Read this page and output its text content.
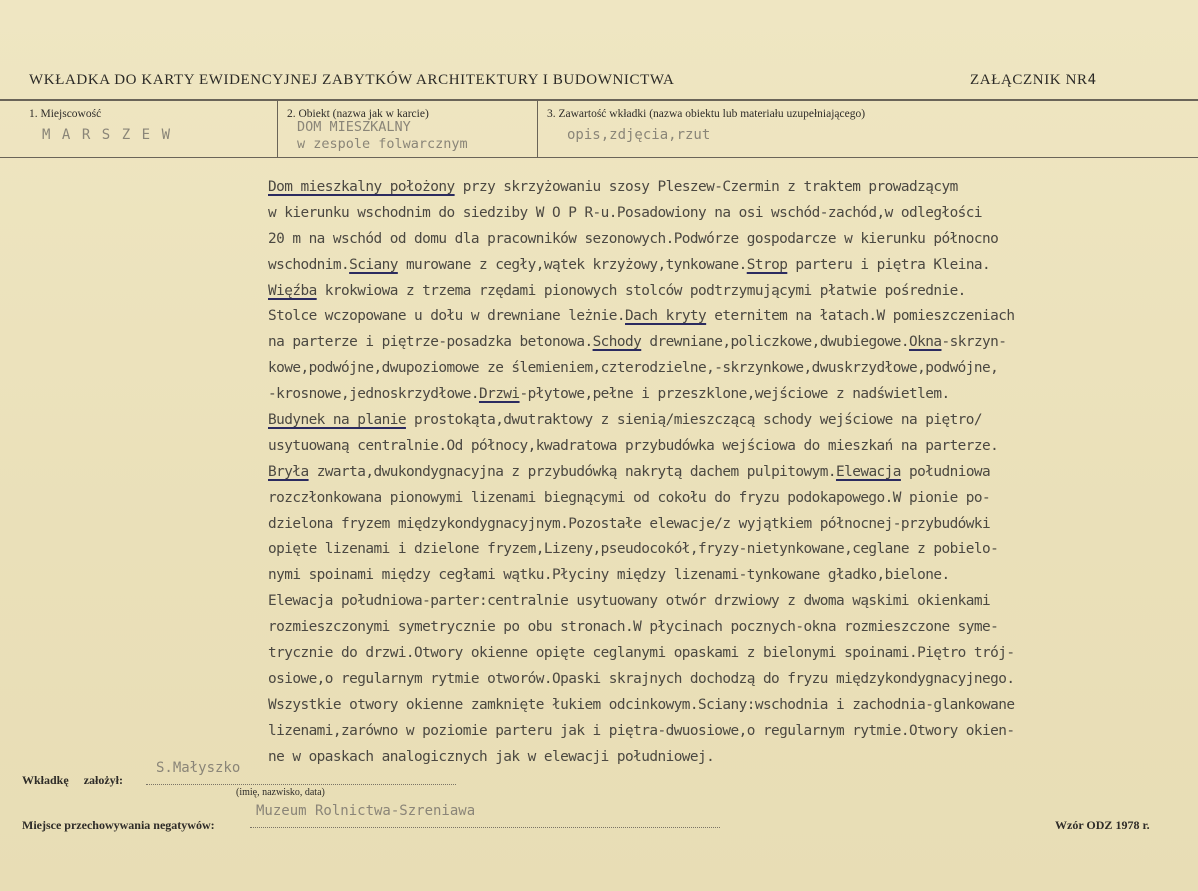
WKŁADKA DO KARTY EWIDENCYJNEJ ZABYTKÓW ARCHITEKTURY I BUDOWNICTWA	ZAŁĄCZNIK NR4
1. Miejscowość
MARSZEW
2. Obiekt (nazwa jak w karcie)
DOM MIESZKALNY
w zespole folwarcznym
3. Zawartość wkładki (nazwa obiektu lub materiału uzupełniającego)
opis,zdjęcia,rzut
Dom mieszkalny położony przy skrzyżowaniu szosy Pleszew-Czermin z traktem prowadzącym
w kierunku wschodnim do siedziby W O P R-u.Posadowiony na osi wschód-zachód,w odległości
20 m na wschód od domu dla pracowników sezonowych.Podwórze gospodarcze w kierunku północno
wschodnim.Sciany murowane z cegły,wątek krzyżowy,tynkowane.Strop parteru i piętra Kleina.
Więźba krokwiowa z trzema rzędami pionowych stolców podtrzymującymi płatwie pośrednie.
Stolce wczopowane u dołu w drewniane leżnie.Dach kryty eternitem na łatach.W pomieszczeniach
na parterze i piętrze-posadzka betonowa.Schody drewniane,policzkowe,dwubiegowe.Okna-skrzyn-
kowe,podwójne,dwupoziomowe ze ślemieniem,czterodzielne,-skrzynkowe,dwuskrzydłowe,podwójne,
-krosnowe,jednoskrzydłowe.Drzwi-płytowe,pełne i przeszklone,wejściowe z nadświetlem.
Budynek na planie prostokąta,dwutraktowy z sienią/mieszczącą schody wejściowe na piętro/
usytuowaną centralnie.Od północy,kwadratowa przybudówka wejściowa do mieszkań na parterze.
Bryła zwarta,dwukondygnacyjna z przybudówką nakrytą dachem pulpitowym.Elewacja południowa
rozczłonkowana pionowymi lizenami biegnącymi od cokołu do fryzu podokapowego.W pionie po-
dzielona fryzem międzykondygnacyjnym.Pozostałe elewacje/z wyjątkiem północnej-przybudówki
opięte lizenami i dzielone fryzem,Lizeny,pseudocokół,fryzy-nietynkowane,ceglane z pobielo-
nymi spoinami między cegłami wątku.Płyciny między lizenami-tynkowane gładko,bielone.
Elewacja południowa-parter:centralnie usytuowany otwór drzwiowy z dwoma wąskimi okienkami
rozmieszczonymi symetrycznie po obu stronach.W płycinach pocznych-okna rozmieszczone syme-
trycznie do drzwi.Otwory okienne opięte ceglanymi opaskami z bielonymi spoinami.Piętro trój-
osiowe,o regularnym rytmie otworów.Opaski skrajnych dochodzą do fryzu międzykondygnacyjnego.
Wszystkie otwory okienne zamknięte łukiem odcinkowym.Sciany:wschodnia i zachodnia-glankowane
lizenami,zarówno w poziomie parteru jak i piętra-dwuosiowe,o regularnym rytmie.Otwory okien-
ne w opaskach analogicznych jak w elewacji południowej.
Wkładkę założył:
S.Małyszko
(imię, nazwisko, data)
Miejsce przechowywania negatywów:
Muzeum Rolnictwa-Szreniawa
Wzór ODZ 1978 r.
